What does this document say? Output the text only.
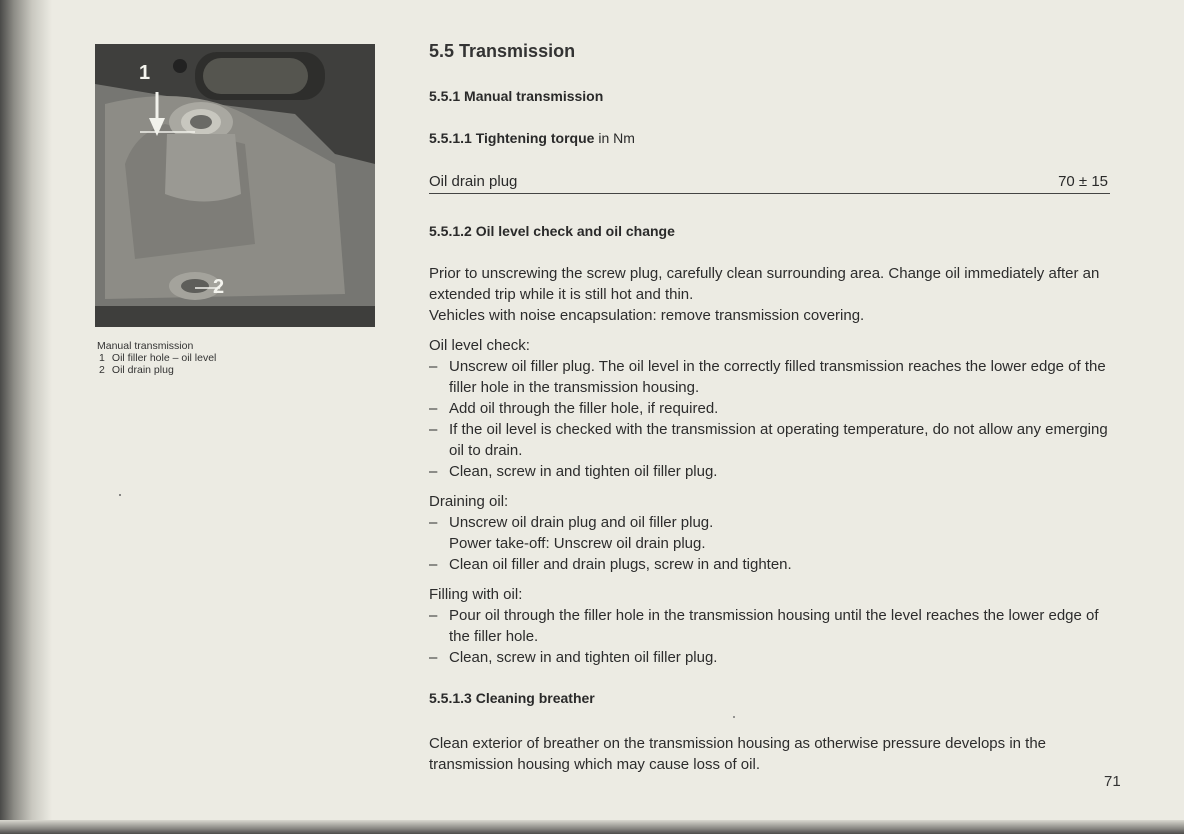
1
2
Manual transmission
1 Oil filler hole – oil level
2 Oil drain plug
5.5 Transmission
5.5.1 Manual transmission
5.5.1.1 Tightening torque in Nm
Oil drain plug	70 ± 15
5.5.1.2 Oil level check and oil change
Prior to unscrewing the screw plug, carefully clean surrounding area. Change oil immediately after an extended trip while it is still hot and thin.
Vehicles with noise encapsulation: remove transmission covering.
Oil level check:
– Unscrew oil filler plug. The oil level in the correctly filled transmission reaches the lower edge of the filler hole in the transmission housing.
– Add oil through the filler hole, if required.
– If the oil level is checked with the transmission at operating temperature, do not allow any emerging oil to drain.
– Clean, screw in and tighten oil filler plug.
Draining oil:
– Unscrew oil drain plug and oil filler plug.
Power take-off: Unscrew oil drain plug.
– Clean oil filler and drain plugs, screw in and tighten.
Filling with oil:
– Pour oil through the filler hole in the transmission housing until the level reaches the lower edge of the filler hole.
– Clean, screw in and tighten oil filler plug.
5.5.1.3 Cleaning breather
Clean exterior of breather on the transmission housing as otherwise pressure develops in the transmission housing which may cause loss of oil.
71
